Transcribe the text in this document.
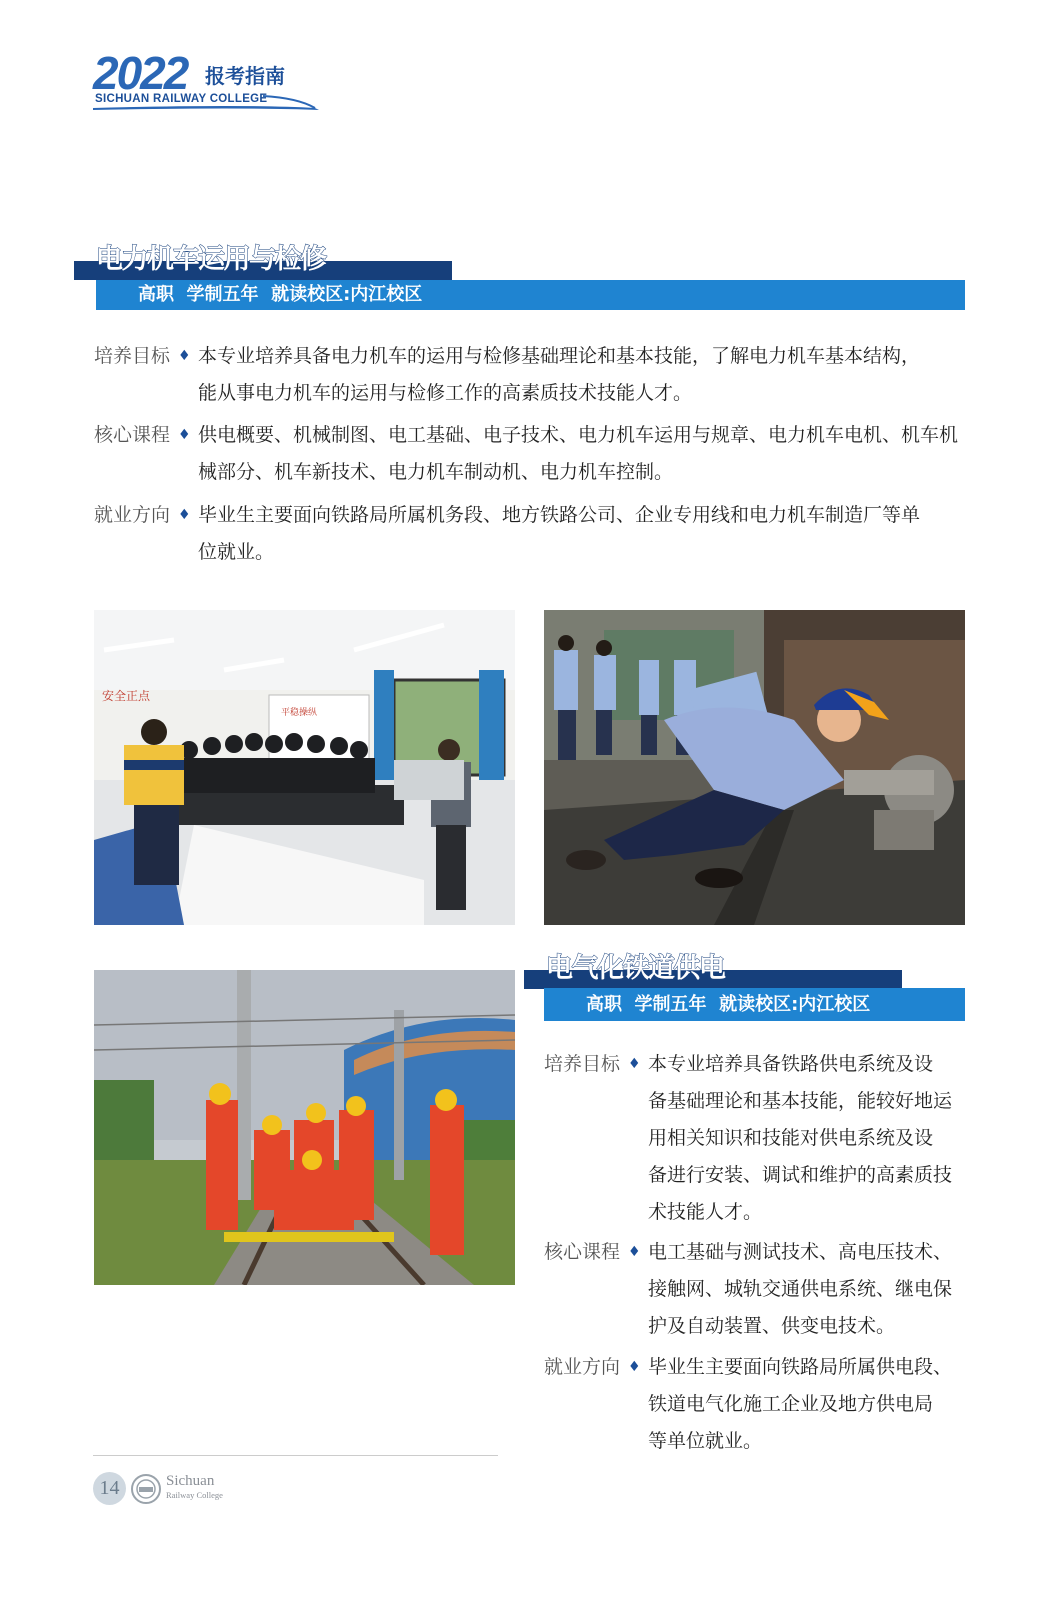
2022 报考指南
SICHUAN RAILWAY COLLEGE
电力机车运用与检修
高职  学制五年  就读校区:内江校区
培养目标 ♦ 本专业培养具备电力机车的运用与检修基础理论和基本技能，了解电力机车基本结构，
能从事电力机车的运用与检修工作的高素质技术技能人才。
核心课程 ♦ 供电概要、机械制图、电工基础、电子技术、电力机车运用与规章、电力机车电机、机车机
械部分、机车新技术、电力机车制动机、电力机车控制。
就业方向 ♦ 毕业生主要面向铁路局所属机务段、地方铁路公司、企业专用线和电力机车制造厂等单
位就业。
安全正点
平稳操纵
电气化铁道供电
高职  学制五年  就读校区:内江校区
培养目标 ♦ 本专业培养具备铁路供电系统及设
备基础理论和基本技能，能较好地运
用相关知识和技能对供电系统及设
备进行安装、调试和维护的高素质技
术技能人才。
核心课程 ♦ 电工基础与测试技术、高电压技术、
接触网、城轨交通供电系统、继电保
护及自动装置、供变电技术。
就业方向 ♦ 毕业生主要面向铁路局所属供电段、
铁道电气化施工企业及地方供电局
等单位就业。
14	Sichuan
Railway College
